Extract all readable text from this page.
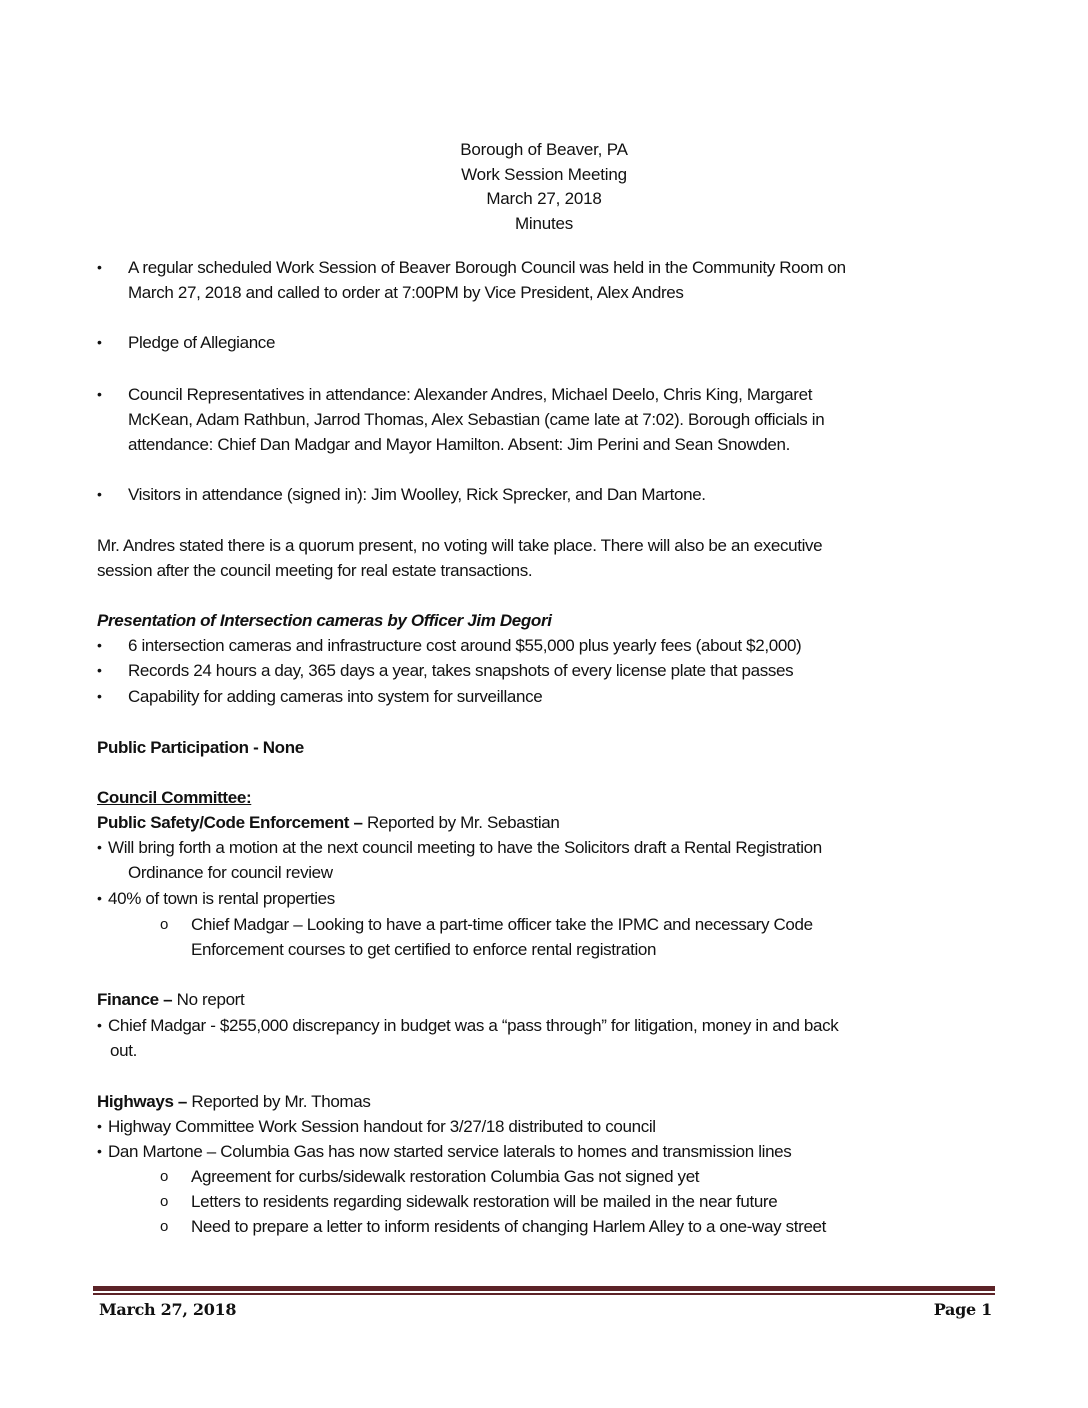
Borough of Beaver, PA
Work Session Meeting
March 27, 2018
Minutes
• A regular scheduled Work Session of Beaver Borough Council was held in the Community Room on
March 27, 2018 and called to order at 7:00PM by Vice President, Alex Andres
• Pledge of Allegiance
• Council Representatives in attendance: Alexander Andres, Michael Deelo, Chris King, Margaret
McKean, Adam Rathbun, Jarrod Thomas, Alex Sebastian (came late at 7:02). Borough officials in
attendance: Chief Dan Madgar and Mayor Hamilton. Absent: Jim Perini and Sean Snowden.
• Visitors in attendance (signed in): Jim Woolley, Rick Sprecker, and Dan Martone.
Mr. Andres stated there is a quorum present, no voting will take place. There will also be an executive
session after the council meeting for real estate transactions.
Presentation of Intersection cameras by Officer Jim Degori
• 6 intersection cameras and infrastructure cost around $55,000 plus yearly fees (about $2,000)
• Records 24 hours a day, 365 days a year, takes snapshots of every license plate that passes
• Capability for adding cameras into system for surveillance
Public Participation - None
Council Committee:
Public Safety/Code Enforcement – Reported by Mr. Sebastian
• Will bring forth a motion at the next council meeting to have the Solicitors draft a Rental Registration
Ordinance for council review
• 40% of town is rental properties
o Chief Madgar – Looking to have a part-time officer take the IPMC and necessary Code
Enforcement courses to get certified to enforce rental registration
Finance – No report
• Chief Madgar - $255,000 discrepancy in budget was a “pass through” for litigation, money in and back
out.
Highways – Reported by Mr. Thomas
• Highway Committee Work Session handout for 3/27/18 distributed to council
• Dan Martone – Columbia Gas has now started service laterals to homes and transmission lines
o Agreement for curbs/sidewalk restoration Columbia Gas not signed yet
o Letters to residents regarding sidewalk restoration will be mailed in the near future
o Need to prepare a letter to inform residents of changing Harlem Alley to a one-way street
March 27, 2018	Page 1
